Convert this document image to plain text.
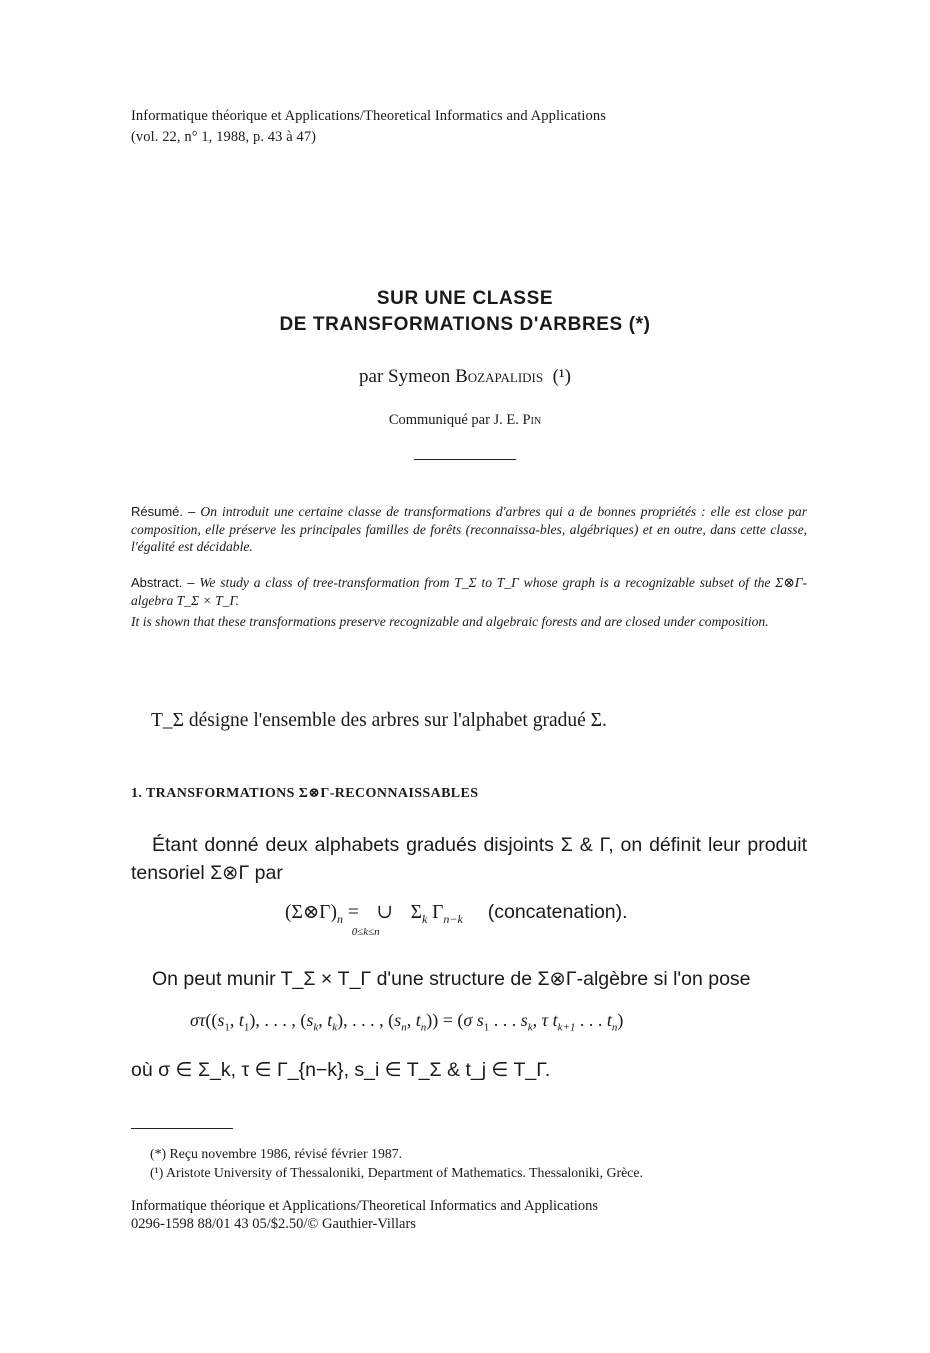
Informatique théorique et Applications/Theoretical Informatics and Applications
(vol. 22, n° 1, 1988, p. 43 à 47)
SUR UNE CLASSE
DE TRANSFORMATIONS D'ARBRES (*)
par Symeon Bozapalidis (¹)
Communiqué par J. E. Pin
Résumé. – On introduit une certaine classe de transformations d'arbres qui a de bonnes propriétés : elle est close par composition, elle préserve les principales familles de forêts (reconnaissa-bles, algébriques) et en outre, dans cette classe, l'égalité est décidable.
Abstract. – We study a class of tree-transformation from T_Σ to T_Γ whose graph is a recognizable subset of the Σ⊗Γ-algebra T_Σ × T_Γ.
It is shown that these transformations preserve recognizable and algebraic forests and are closed under composition.
T_Σ désigne l'ensemble des arbres sur l'alphabet gradué Σ.
1. TRANSFORMATIONS Σ⊗Γ-RECONNAISSABLES
Étant donné deux alphabets gradués disjoints Σ & Γ, on définit leur produit tensoriel Σ⊗Γ par
$(\Sigma\otimes\Gamma)_n$ = ∪
0≤k≤n
$\Sigma_k$ $\Gamma_{n-k}$ (concatenation).
On peut munir T_Σ × T_Γ d'une structure de Σ⊗Γ-algèbre si l'on pose
$\sigma\tau((s_1$, $t_1$), . . . , ($s_k$, $t_k$), . . . , ($s_n$, $t_n)) = (\sigma$ $s_1$ . . . $s_k$, τ $t_{k+1}$ . . . $t_n$)
où σ ∈ Σ_k, τ ∈ Γ_{n−k}, s_i ∈ T_Σ & t_j ∈ T_Γ.
(*) Reçu novembre 1986, révisé février 1987.
(¹) Aristote University of Thessaloniki, Department of Mathematics. Thessaloniki, Grèce.
Informatique théorique et Applications/Theoretical Informatics and Applications
0296-1598 88/01 43 05/$2.50/© Gauthier-Villars
